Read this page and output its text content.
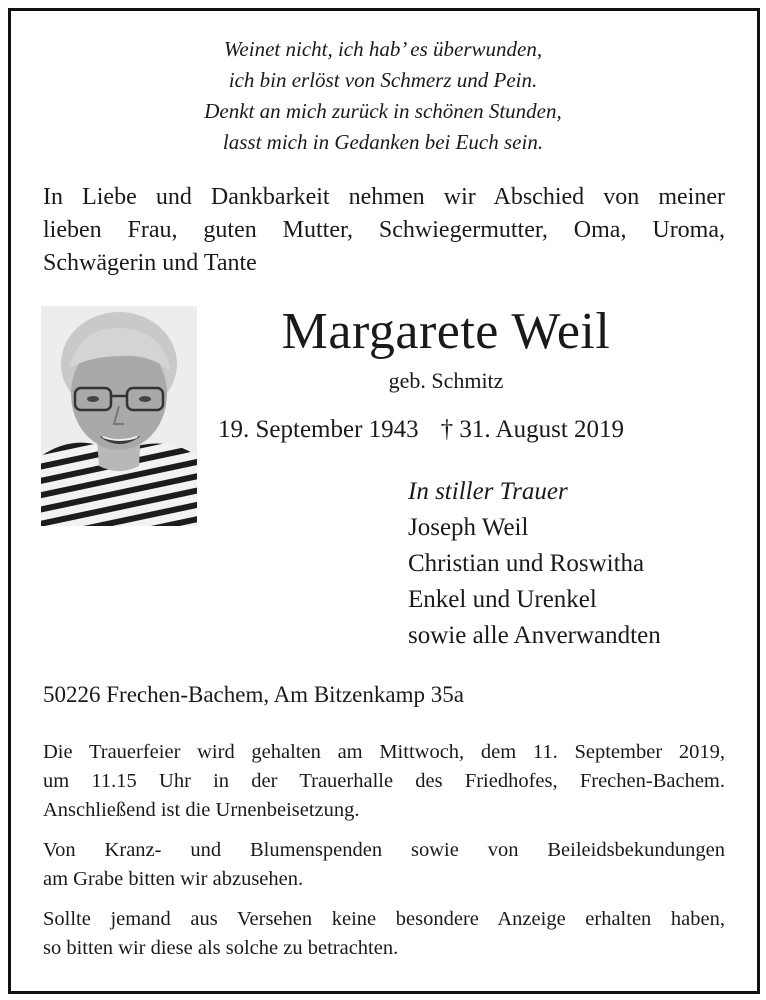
Weinet nicht, ich hab’ es überwunden,
ich bin erlöst von Schmerz und Pein.
Denkt an mich zurück in schönen Stunden,
lasst mich in Gedanken bei Euch sein.
In Liebe und Dankbarkeit nehmen wir Abschied von meiner
lieben Frau, guten Mutter, Schwiegermutter, Oma, Uroma,
Schwägerin und Tante
Margarete Weil
geb. Schmitz
19. September 1943 † 31. August 2019
In stiller Trauer
Joseph Weil
Christian und Roswitha
Enkel und Urenkel
sowie alle Anverwandten
50226 Frechen-Bachem, Am Bitzenkamp 35a
Die Trauerfeier wird gehalten am Mittwoch, dem 11. September 2019,
um 11.15 Uhr in der Trauerhalle des Friedhofes, Frechen-Bachem.
Anschließend ist die Urnenbeisetzung.
Von Kranz- und Blumenspenden sowie von Beileidsbekundungen
am Grabe bitten wir abzusehen.
Sollte jemand aus Versehen keine besondere Anzeige erhalten haben,
so bitten wir diese als solche zu betrachten.
